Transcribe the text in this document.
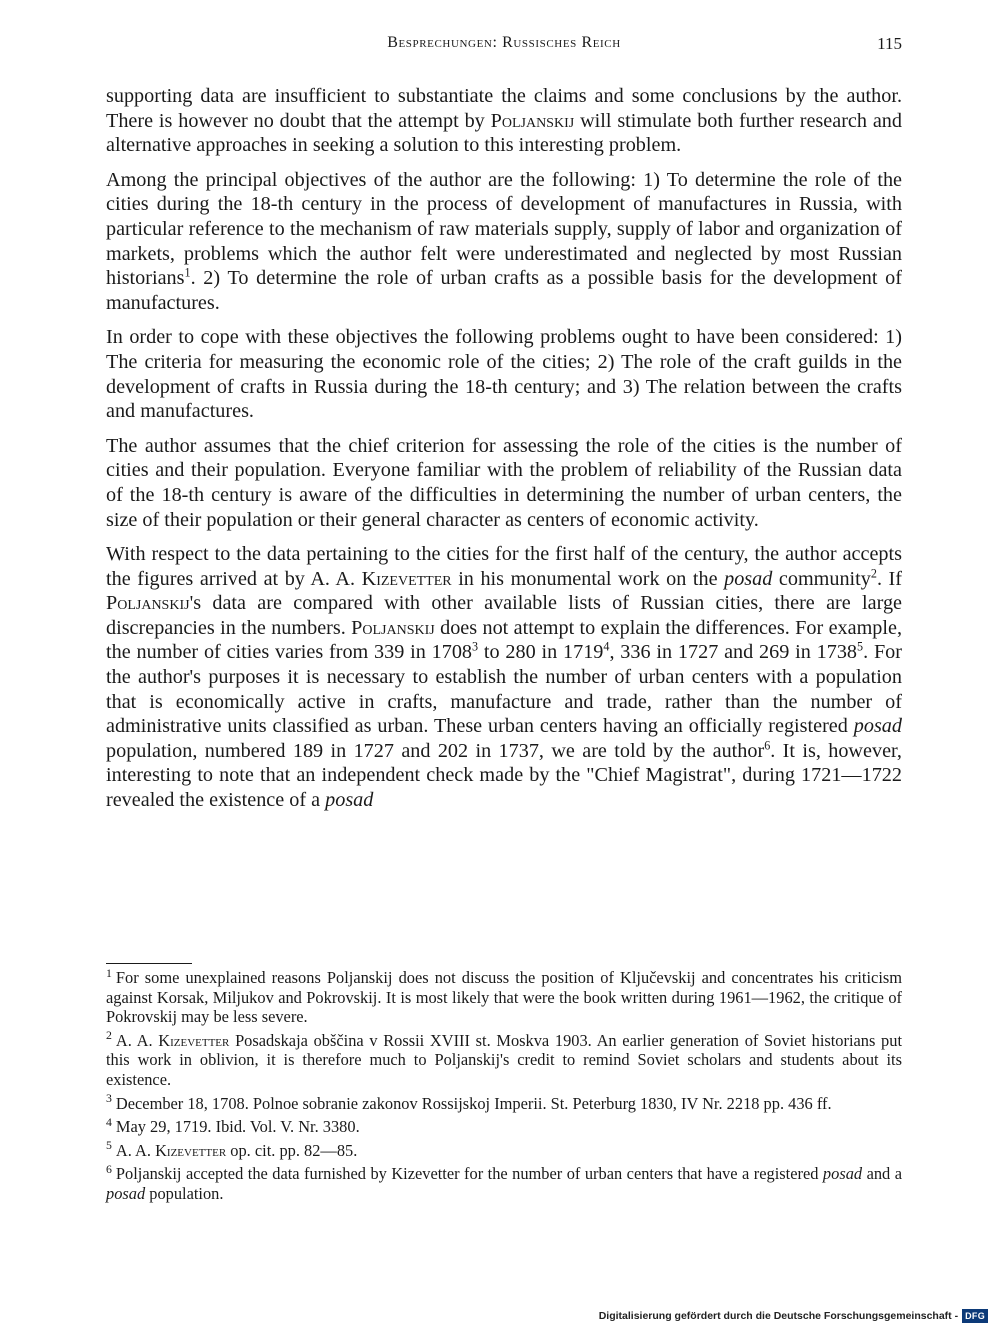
Besprechungen: Russisches Reich	115

supporting data are insufficient to substantiate the claims and some conclusions by the author. There is however no doubt that the attempt by Poljanskij will stimulate both further research and alternative approaches in seeking a solution to this interesting problem.

Among the principal objectives of the author are the following: 1) To determine the role of the cities during the 18-th century in the process of development of manufactures in Russia, with particular reference to the mechanism of raw materials supply, supply of labor and organization of markets, problems which the author felt were underestimated and neglected by most Russian historians$^1$. 2) To determine the role of urban crafts as a possible basis for the development of manufactures.

In order to cope with these objectives the following problems ought to have been considered: 1) The criteria for measuring the economic role of the cities; 2) The role of the craft guilds in the development of crafts in Russia during the 18-th century; and 3) The relation between the crafts and manufactures.

The author assumes that the chief criterion for assessing the role of the cities is the number of cities and their population. Everyone familiar with the problem of reliability of the Russian data of the 18-th century is aware of the difficulties in determining the number of urban centers, the size of their population or their general character as centers of economic activity.

With respect to the data pertaining to the cities for the first half of the century, the author accepts the figures arrived at by A. A. Kizevetter in his monumental work on the posad community$^2$. If Poljanskij's data are compared with other available lists of Russian cities, there are large discrepancies in the numbers. Poljanskij does not attempt to explain the differences. For example, the number of cities varies from 339 in 1708$^3$ to 280 in 1719$^4$, 336 in 1727 and 269 in 1738$^5$. For the author's purposes it is necessary to establish the number of urban centers with a population that is economically active in crafts, manufacture and trade, rather than the number of administrative units classified as urban. These urban centers having an officially registered posad population, numbered 189 in 1727 and 202 in 1737, we are told by the author$^6$. It is, however, interesting to note that an independent check made by the "Chief Magistrat", during 1721—1722 revealed the existence of a posad

$^1$ For some unexplained reasons Poljanskij does not discuss the position of Ključevskij and concentrates his criticism against Korsak, Miljukov and Pokrovskij. It is most likely that were the book written during 1961—1962, the critique of Pokrovskij may be less severe.
$^2$ A. A. Kizevetter Posadskaja obščina v Rossii XVIII st. Moskva 1903. An earlier generation of Soviet historians put this work in oblivion, it is therefore much to Poljanskij's credit to remind Soviet scholars and students about its existence.
$^3$ December 18, 1708. Polnoe sobranie zakonov Rossijskoj Imperii. St. Peterburg 1830, IV Nr. 2218 pp. 436 ff.
$^4$ May 29, 1719. Ibid. Vol. V. Nr. 3380.
$^5$ A. A. Kizevetter op. cit. pp. 82—85.
$^6$ Poljanskij accepted the data furnished by Kizevetter for the number of urban centers that have a registered posad and a posad population.
Digitalisierung gefördert durch die Deutsche Forschungsgemeinschaft - DFG
